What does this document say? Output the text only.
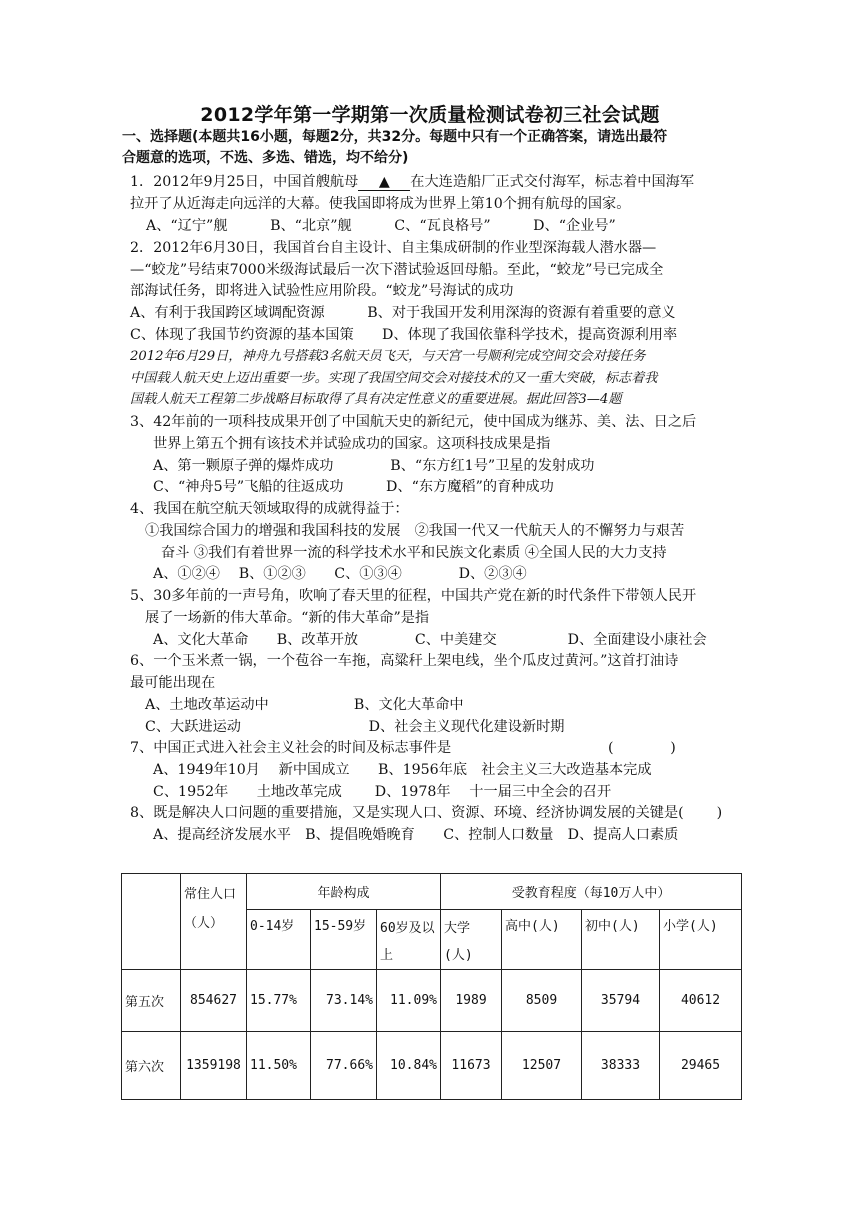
2012学年第一学期第一次质量检测试卷初三社会试题
一、选择题(本题共16小题，每题2分，共32分。每题中只有一个正确答案，请选出最符
合题意的选项，不选、多选、错选，均不给分)
1．2012年9月25日，中国首艘航母 ▲ 在大连造船厂正式交付海军，标志着中国海军
拉开了从近海走向远洋的大幕。使我国即将成为世界上第10个拥有航母的国家。
A、“辽宁”舰　　　B、“北京”舰　　　C、“瓦良格号”　　　D、“企业号”
2．2012年6月30日，我国首台自主设计、自主集成研制的作业型深海载人潜水器—
—“蛟龙”号结束7000米级海试最后一次下潜试验返回母船。至此，“蛟龙”号已完成全
部海试任务，即将进入试验性应用阶段。“蛟龙”号海试的成功
A、有利于我国跨区域调配资源　　　B、对于我国开发利用深海的资源有着重要的意义
C、体现了我国节约资源的基本国策　　D、体现了我国依靠科学技术，提高资源利用率
2012年6月29日，神舟九号搭载3名航天员飞天，与天宫一号顺利完成空间交会对接任务
中国载人航天史上迈出重要一步。实现了我国空间交会对接技术的又一重大突破，标志着我
国载人航天工程第二步战略目标取得了具有决定性意义的重要进展。据此回答3—4题
3、42年前的一项科技成果开创了中国航天史的新纪元，使中国成为继苏、美、法、日之后
世界上第五个拥有该技术并试验成功的国家。这项科技成果是指
A、第一颗原子弹的爆炸成功　　　　B、“东方红1号”卫星的发射成功
C、“神舟5号”飞船的往返成功　　　D、“东方魔稻”的育种成功
4、我国在航空航天领域取得的成就得益于：
①我国综合国力的增强和我国科技的发展　②我国一代又一代航天人的不懈努力与艰苦
奋斗 ③我们有着世界一流的科学技术水平和民族文化素质 ④全国人民的大力支持
A、①②④　 B、①②③　　C、①③④　　　　D、②③④
5、30多年前的一声号角，吹响了春天里的征程，中国共产党在新的时代条件下带领人民开
展了一场新的伟大革命。“新的伟大革命”是指
A、文化大革命　　B、改革开放　　　　C、中美建交　　　　　D、全面建设小康社会
6、一个玉米煮一锅，一个苞谷一车拖，高粱秆上架电线，坐个瓜皮过黄河。”这首打油诗
最可能出现在
A、土地改革运动中　　　　　　B、文化大革命中
C、大跃进运动　　　　　　　　　D、社会主义现代化建设新时期
7、中国正式进入社会主义社会的时间及标志事件是	(　　　　)
A、1949年10月　 新中国成立　　B、1956年底　社会主义三大改造基本完成
C、1952年　　土地改革完成　　 D、1978年　 十一届三中全会的召开
8、既是解决人口问题的重要措施，又是实现人口、资源、环境、经济协调发展的关键是(　　 )
A、提高经济发展水平　B、提倡晚婚晚育　　C、控制人口数量　D、提高人口素质
	常住人口（人）	年龄构成			受教育程度（每10万人中）			
		0-14岁	15-59岁	60岁及以上	大学(人)	高中(人)	初中(人)	小学(人)
第五次	854627	15.77%	73.14%	11.09%	1989	8509	35794	40612
第六次	1359198	11.50%	77.66%	10.84%	11673	12507	38333	29465
